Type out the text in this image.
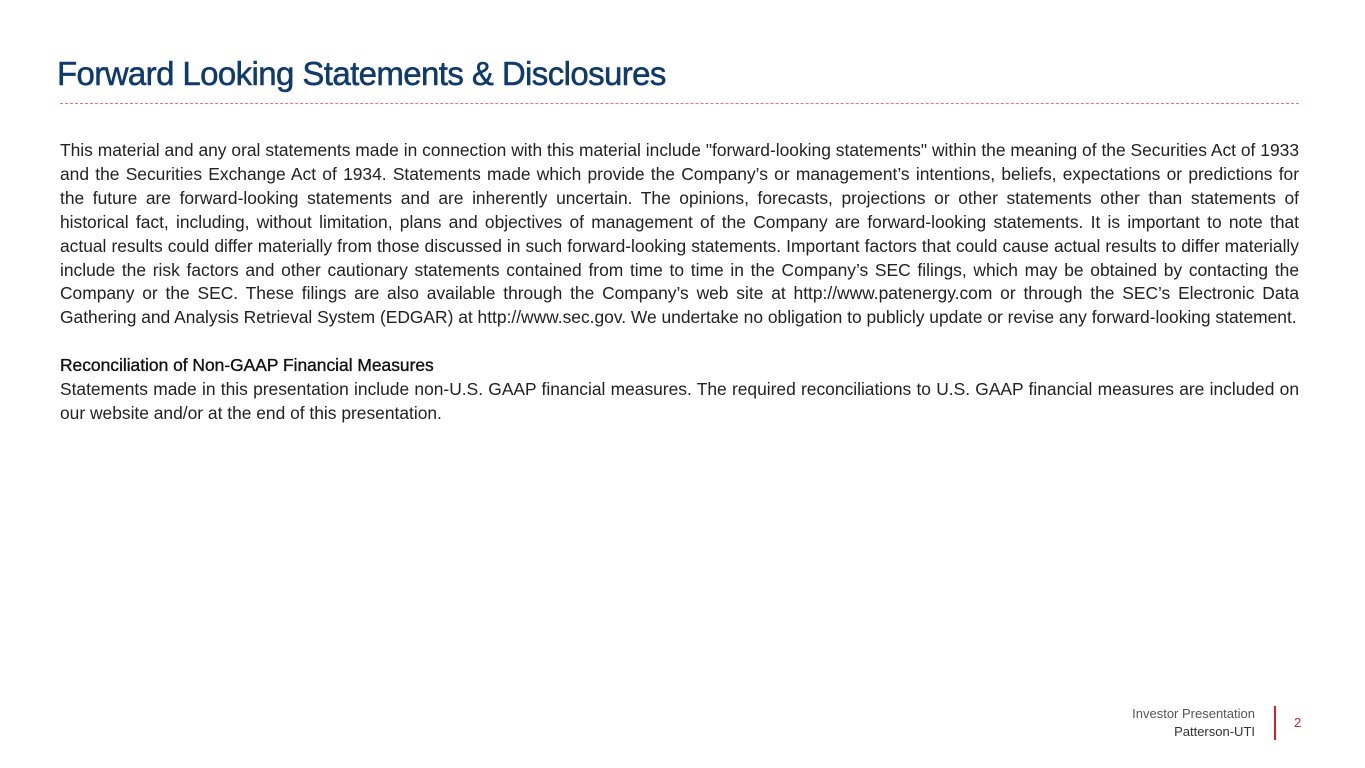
Forward Looking Statements & Disclosures

This material and any oral statements made in connection with this material include "forward-looking statements" within the meaning of the Securities Act of 1933 and the Securities Exchange Act of 1934. Statements made which provide the Company’s or management’s intentions, beliefs, expectations or predictions for the future are forward-looking statements and are inherently uncertain. The opinions, forecasts, projections or other statements other than statements of historical fact, including, without limitation, plans and objectives of management of the Company are forward-looking statements. It is important to note that actual results could differ materially from those discussed in such forward-looking statements. Important factors that could cause actual results to differ materially include the risk factors and other cautionary statements contained from time to time in the Company’s SEC filings, which may be obtained by contacting the Company or the SEC. These filings are also available through the Company’s web site at http://www.patenergy.com or through the SEC’s Electronic Data Gathering and Analysis Retrieval System (EDGAR) at http://www.sec.gov. We undertake no obligation to publicly update or revise any forward-looking statement.

Reconciliation of Non-GAAP Financial Measures

Statements made in this presentation include non-U.S. GAAP financial measures. The required reconciliations to U.S. GAAP financial measures are included on our website and/or at the end of this presentation.

Investor Presentation
Patterson-UTI
2
